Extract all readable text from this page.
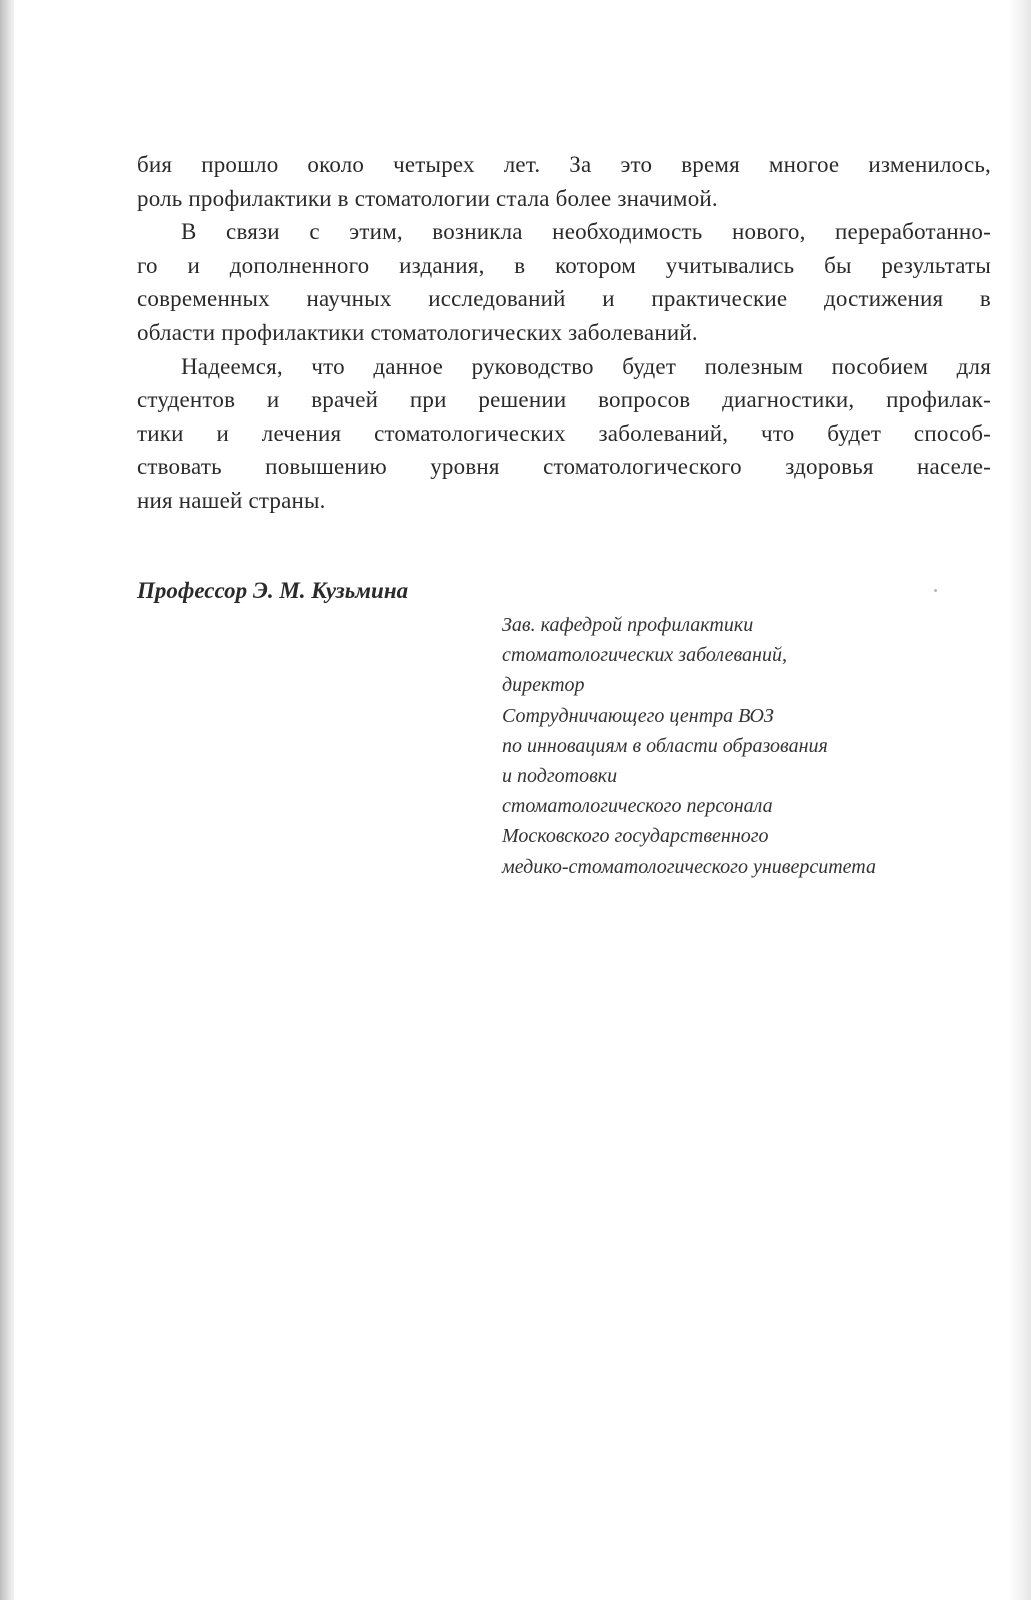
бия прошло около четырех лет. За это время многое изменилось,
роль профилактики в стоматологии стала более значимой.
В связи с этим, возникла необходимость нового, переработанно-
го и дополненного издания, в котором учитывались бы результаты
современных научных исследований и практические достижения в
области профилактики стоматологических заболеваний.
Надеемся, что данное руководство будет полезным пособием для
студентов и врачей при решении вопросов диагностики, профилак-
тики и лечения стоматологических заболеваний, что будет способ-
ствовать повышению уровня стоматологического здоровья населе-
ния нашей страны.
Профессор Э. М. Кузьмина
Зав. кафедрой профилактики
стоматологических заболеваний,
директор
Сотрудничающего центра ВОЗ
по инновациям в области образования
и подготовки
стоматологического персонала
Московского государственного
медико-стоматологического университета
